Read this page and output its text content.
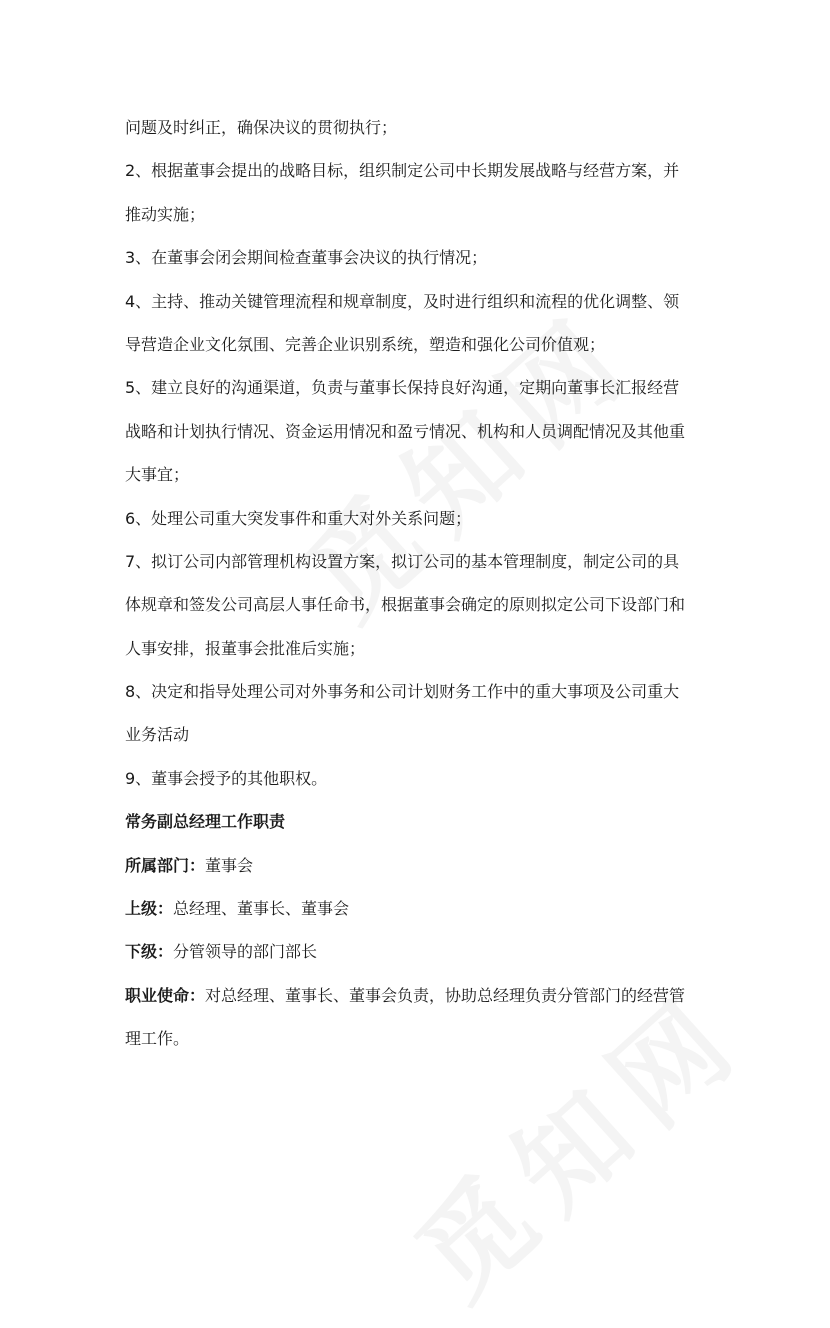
问题及时纠正，确保决议的贯彻执行；

2、根据董事会提出的战略目标，组织制定公司中长期发展战略与经营方案，并

推动实施；

3、在董事会闭会期间检查董事会决议的执行情况；

4、主持、推动关键管理流程和规章制度，及时进行组织和流程的优化调整、领

导营造企业文化氛围、完善企业识别系统，塑造和强化公司价值观；

5、建立良好的沟通渠道，负责与董事长保持良好沟通，定期向董事长汇报经营

战略和计划执行情况、资金运用情况和盈亏情况、机构和人员调配情况及其他重

大事宜；

6、处理公司重大突发事件和重大对外关系问题；

7、拟订公司内部管理机构设置方案，拟订公司的基本管理制度，制定公司的具

体规章和签发公司高层人事任命书，根据董事会确定的原则拟定公司下设部门和

人事安排，报董事会批准后实施；

8、决定和指导处理公司对外事务和公司计划财务工作中的重大事项及公司重大

业务活动

9、董事会授予的其他职权。

常务副总经理工作职责

所属部门：董事会

上级：总经理、董事长、董事会

下级：分管领导的部门部长

职业使命：对总经理、董事长、董事会负责，协助总经理负责分管部门的经营管

理工作。
